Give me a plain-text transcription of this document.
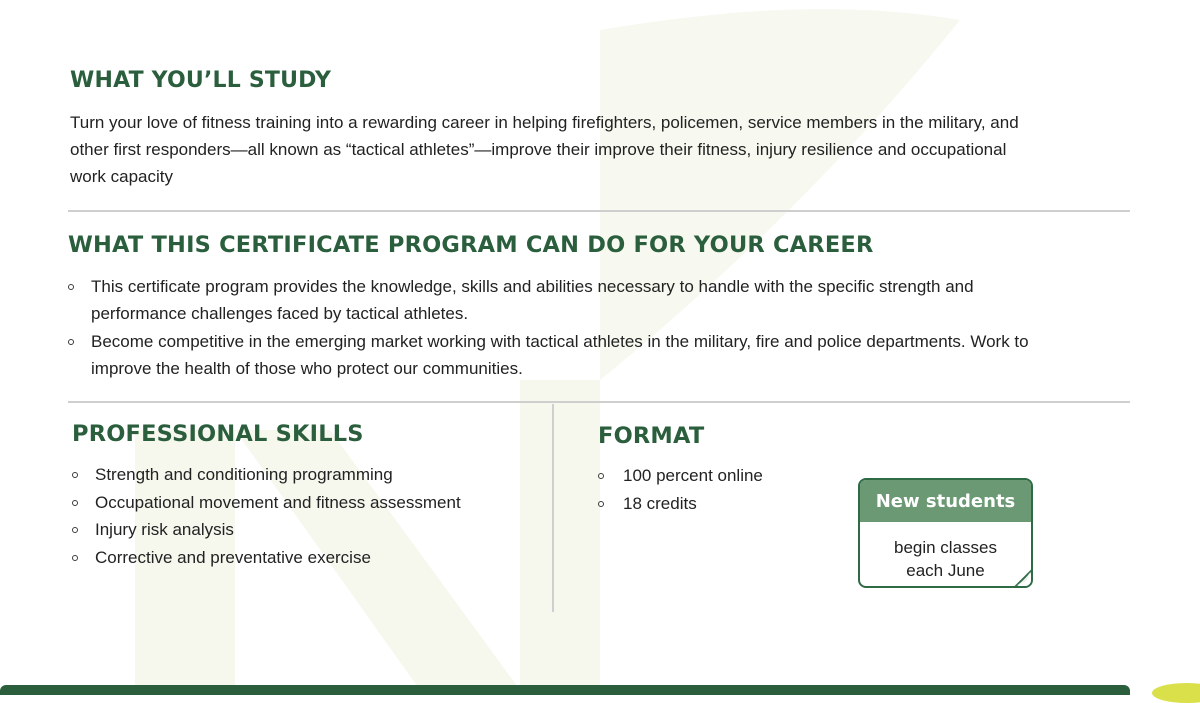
WHAT YOU’LL STUDY

Turn your love of fitness training into a rewarding career in helping firefighters, policemen, service members in the military, and
other first responders—all known as “tactical athletes”—improve their improve their fitness, injury resilience and occupational
work capacity

WHAT THIS CERTIFICATE PROGRAM CAN DO FOR YOUR CAREER
This certificate program provides the knowledge, skills and abilities necessary to handle with the specific strength and
performance challenges faced by tactical athletes.
Become competitive in the emerging market working with tactical athletes in the military, fire and police departments. Work to
improve the health of those who protect our communities.
PROFESSIONAL SKILLS
Strength and conditioning programming
Occupational movement and fitness assessment
Injury risk analysis
Corrective and preventative exercise
FORMAT
100 percent online
18 credits	New students
begin classes
each June
